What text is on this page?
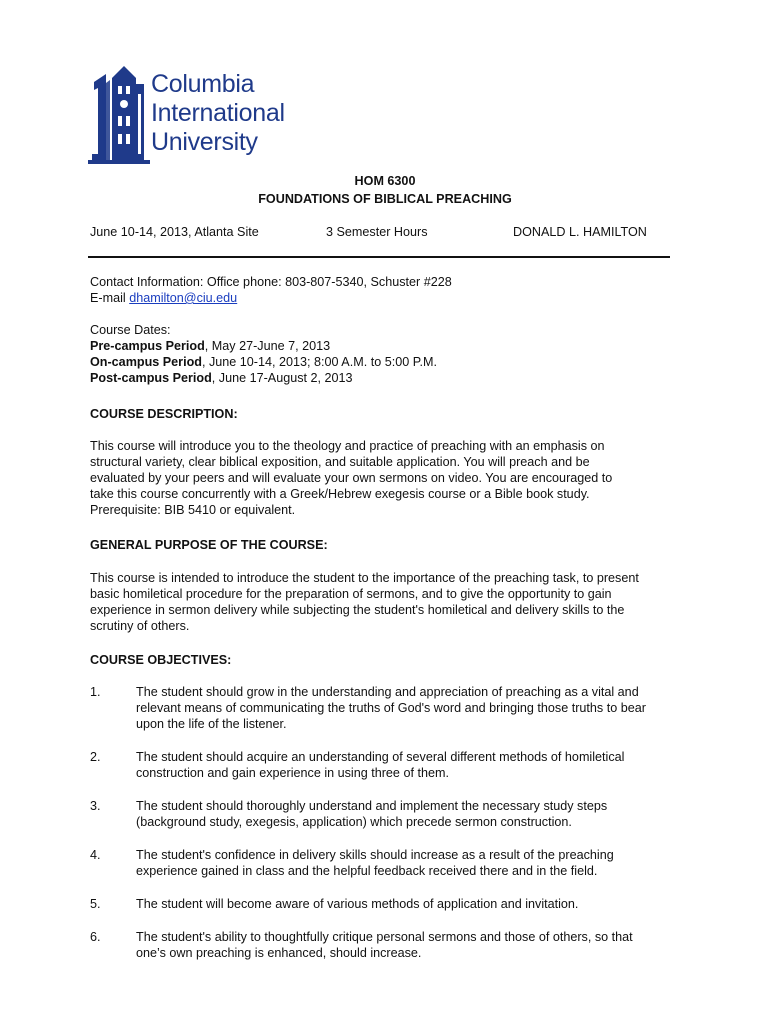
Columbia
International
University
HOM 6300
FOUNDATIONS OF BIBLICAL PREACHING
June 10-14, 2013, Atlanta Site	3 Semester Hours	DONALD L. HAMILTON

Contact Information: Office phone: 803-807-5340, Schuster #228

E-mail dhamilton@ciu.edu

Course Dates:

Pre-campus Period, May 27-June 7, 2013

On-campus Period, June 10-14, 2013; 8:00 A.M. to 5:00 P.M.

Post-campus Period, June 17-August 2, 2013

COURSE DESCRIPTION:

This course will introduce you to the theology and practice of preaching with an emphasis on

structural variety, clear biblical exposition, and suitable application. You will preach and be

evaluated by your peers and will evaluate your own sermons on video. You are encouraged to

take this course concurrently with a Greek/Hebrew exegesis course or a Bible book study.

Prerequisite: BIB 5410 or equivalent.

GENERAL PURPOSE OF THE COURSE:

This course is intended to introduce the student to the importance of the preaching task, to present

basic homiletical procedure for the preparation of sermons, and to give the opportunity to gain

experience in sermon delivery while subjecting the student's homiletical and delivery skills to the

scrutiny of others.

COURSE OBJECTIVES:
1.	The student should grow in the understanding and appreciation of preaching as a vital and

relevant means of communicating the truths of God's word and bringing those truths to bear

upon the life of the listener.

2.	The student should acquire an understanding of several different methods of homiletical

construction and gain experience in using three of them.

3.	The student should thoroughly understand and implement the necessary study steps

(background study, exegesis, application) which precede sermon construction.

4.	The student's confidence in delivery skills should increase as a result of the preaching

experience gained in class and the helpful feedback received there and in the field.

5.	The student will become aware of various methods of application and invitation.

6.	The student's ability to thoughtfully critique personal sermons and those of others, so that

one’s own preaching is enhanced, should increase.
